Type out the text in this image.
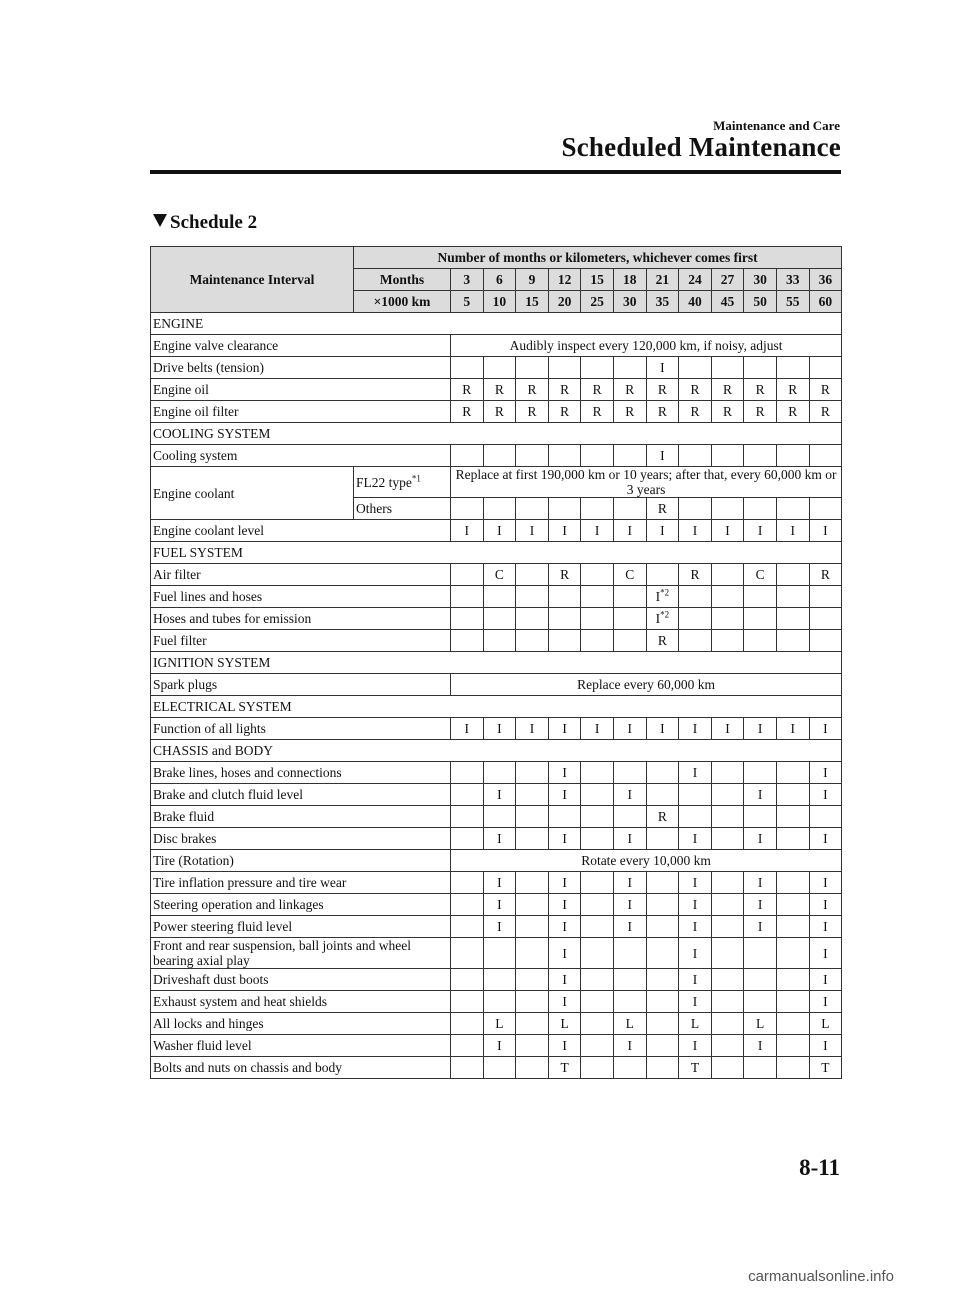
Maintenance and Care
Scheduled Maintenance
Schedule 2
Maintenance Interval	Number of months or kilometers, whichever comes first												
	Months	3	6	9	12	15	18	21	24	27	30	33	36
	×1000 km	5	10	15	20	25	30	35	40	45	50	55	60
ENGINE													
Engine valve clearance		Audibly inspect every 120,000 km, if noisy, adjust											
Drive belts (tension)								I					
Engine oil		R	R	R	R	R	R	R	R	R	R	R	R
Engine oil filter		R	R	R	R	R	R	R	R	R	R	R	R
COOLING SYSTEM													
Cooling system								I					
Engine coolant	FL22 type$^{*1}$	Replace at first 190,000 km or 10 years; after that, every 60,000 km or 3 years											
	Others							R					
Engine coolant level		I	I	I	I	I	I	I	I	I	I	I	I
FUEL SYSTEM													
Air filter			C		R		C		R		C		R
Fuel lines and hoses								$I^{*2}$					
Hoses and tubes for emission								$I^{*2}$					
Fuel filter								R					
IGNITION SYSTEM													
Spark plugs		Replace every 60,000 km											
ELECTRICAL SYSTEM													
Function of all lights		I	I	I	I	I	I	I	I	I	I	I	I
CHASSIS and BODY													
Brake lines, hoses and connections					I				I				I
Brake and clutch fluid level			I		I		I				I		I
Brake fluid								R					
Disc brakes			I		I		I		I		I		I
Tire (Rotation)		Rotate every 10,000 km											
Tire inflation pressure and tire wear			I		I		I		I		I		I
Steering operation and linkages			I		I		I		I		I		I
Power steering fluid level			I		I		I		I		I		I
Front and rear suspension, ball joints and wheel bearing axial play					I				I				I
Driveshaft dust boots					I				I				I
Exhaust system and heat shields					I				I				I
All locks and hinges			L		L		L		L		L		L
Washer fluid level			I		I		I		I		I		I
Bolts and nuts on chassis and body					T				T				T
8-11
carmanualsonline.info
